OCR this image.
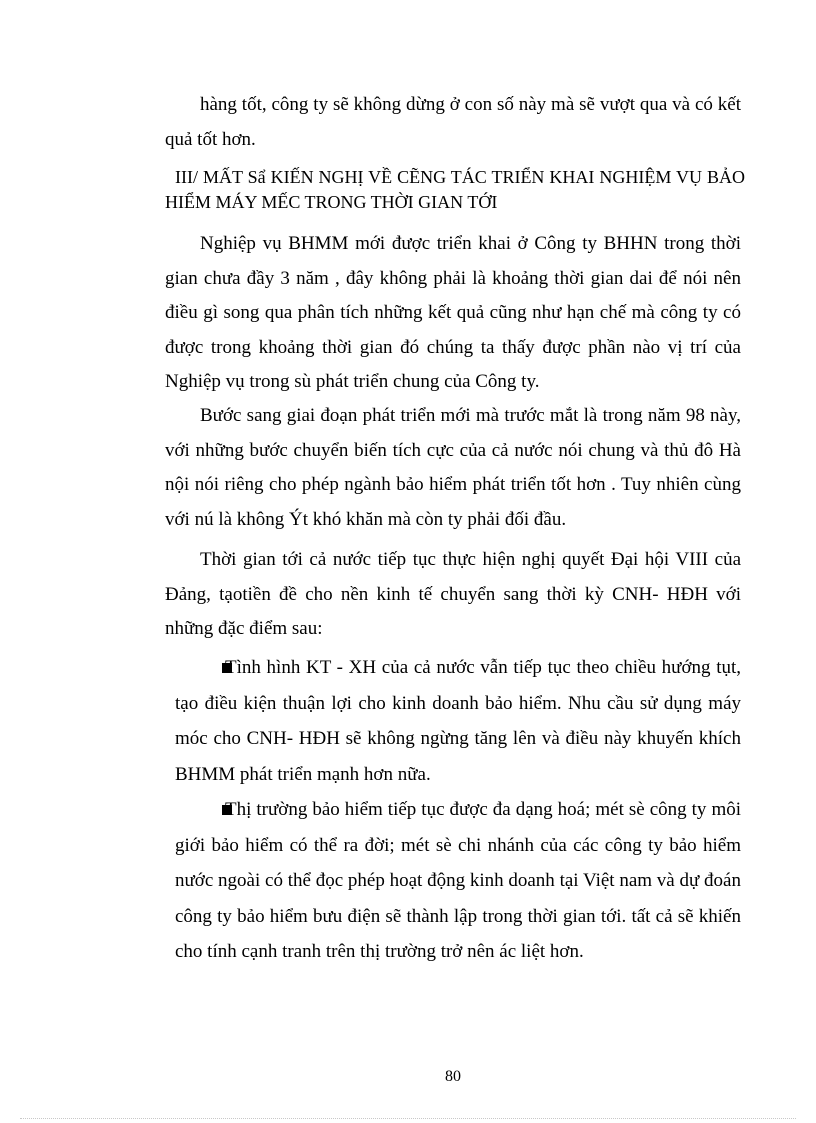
hàng tốt, công ty sẽ không dừng ở con số này mà sẽ vượt qua và có kết quả tốt hơn.

III/ MẤT Sẩ KIẾN NGHỊ VỀ CẼNG TÁC TRIỂN KHAI NGHIỆM VỤ BẢO HIỂM MÁY MẾC TRONG THỜI GIAN TỚI

Nghiệp vụ BHMM mới được triển khai ở Công ty BHHN trong thời gian chưa đầy 3 năm , đây không phải là khoảng thời gian dai để nói nên điều gì song qua phân tích những kết quả cũng như hạn chế mà công ty có được trong khoảng thời gian đó chúng ta thấy được phần nào vị trí của Nghiệp vụ trong sù phát triển chung của Công ty.

Bước sang giai đoạn phát triển mới mà trước mắt là trong năm 98 này, với những bước chuyển biến tích cực của cả nước nói chung và thủ đô Hà nội nói riêng cho phép ngành bảo hiểm phát triển tốt hơn . Tuy nhiên cùng với nú là không Ýt khó khăn mà còn ty phải đối đầu.

Thời gian tới cả nước tiếp tục thực hiện nghị quyết Đại hội VIII của Đảng, tạotiền đề cho nền kinh tế chuyển sang thời kỳ CNH- HĐH với những đặc điểm sau:

Tình hình KT - XH của cả nước vẫn tiếp tục theo chiều hướng tụt, tạo điều kiện thuận lợi cho kinh doanh bảo hiểm. Nhu cầu sử dụng máy móc cho CNH- HĐH sẽ không ngừng tăng lên và điều này khuyến khích BHMM phát triển mạnh hơn nữa.

Thị trường bảo hiểm tiếp tục được đa dạng hoá; mét sè công ty môi giới bảo hiểm có thể ra đời; mét sè chi nhánh của các công ty bảo hiểm nước ngoài có thể đọc phép hoạt động kinh doanh tại Việt nam và dự đoán công ty bảo hiểm bưu điện sẽ thành lập trong thời gian tới. tất cả sẽ khiến cho tính cạnh tranh trên thị trường trở nên ác liệt hơn.

80
